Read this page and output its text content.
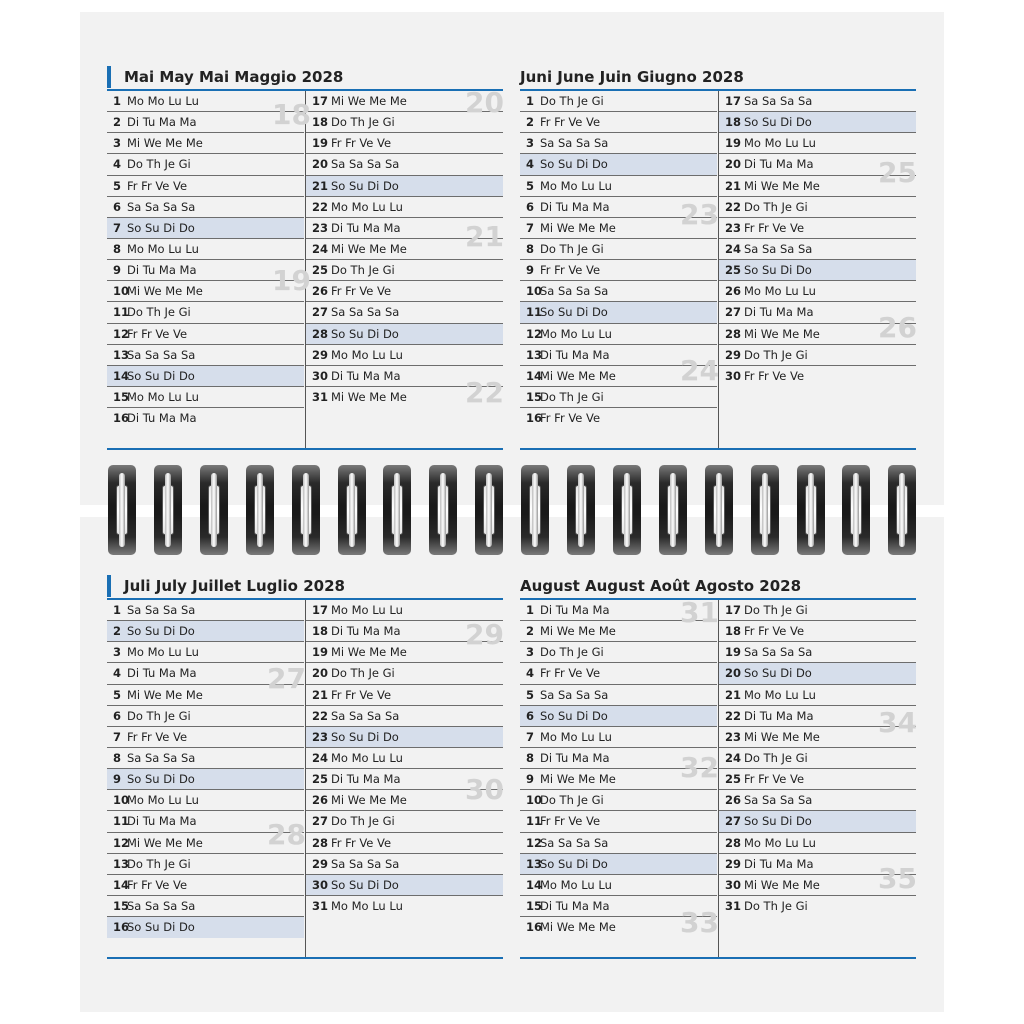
Mai May Mai Maggio 2028
1 Mo Mo Lu Lu
2 Di Tu Ma Ma
3 Mi We Me Me
4 Do Th Je Gi
5 Fr Fr Ve Ve
6 Sa Sa Sa Sa
7 So Su Di Do
8 Mo Mo Lu Lu
9 Di Tu Ma Ma
10
Mi We Me Me
11
Do Th Je Gi
12
Fr Fr Ve Ve
13
Sa Sa Sa Sa
14
So Su Di Do
15
Mo Mo Lu Lu
16
Di Tu Ma Ma
17 Mi We Me Me
18 Do Th Je Gi
19 Fr Fr Ve Ve
20 Sa Sa Sa Sa
21 So Su Di Do
22 Mo Mo Lu Lu
23 Di Tu Ma Ma
24 Mi We Me Me
25 Do Th Je Gi
26 Fr Fr Ve Ve
27 Sa Sa Sa Sa
28 So Su Di Do
29 Mo Mo Lu Lu
30 Di Tu Ma Ma
31 Mi We Me Me
Juni June Juin Giugno 2028
1 Do Th Je Gi
2 Fr Fr Ve Ve
3 Sa Sa Sa Sa
4 So Su Di Do
5 Mo Mo Lu Lu
6 Di Tu Ma Ma
7 Mi We Me Me
8 Do Th Je Gi
9 Fr Fr Ve Ve
10
Sa Sa Sa Sa
11
So Su Di Do
12
Mo Mo Lu Lu
13
Di Tu Ma Ma
14
Mi We Me Me
15
Do Th Je Gi
16
Fr Fr Ve Ve
17 Sa Sa Sa Sa
18 So Su Di Do
19 Mo Mo Lu Lu
20 Di Tu Ma Ma
21 Mi We Me Me
22 Do Th Je Gi
23 Fr Fr Ve Ve
24 Sa Sa Sa Sa
25 So Su Di Do
26 Mo Mo Lu Lu
27 Di Tu Ma Ma
28 Mi We Me Me
29 Do Th Je Gi
30 Fr Fr Ve Ve
Juli July Juillet Luglio 2028
1 Sa Sa Sa Sa
2 So Su Di Do
3 Mo Mo Lu Lu
4 Di Tu Ma Ma
5 Mi We Me Me
6 Do Th Je Gi
7 Fr Fr Ve Ve
8 Sa Sa Sa Sa
9 So Su Di Do
10
Mo Mo Lu Lu
11
Di Tu Ma Ma
12
Mi We Me Me
13
Do Th Je Gi
14
Fr Fr Ve Ve
15
Sa Sa Sa Sa
16
So Su Di Do
17 Mo Mo Lu Lu
18 Di Tu Ma Ma
19 Mi We Me Me
20 Do Th Je Gi
21 Fr Fr Ve Ve
22 Sa Sa Sa Sa
23 So Su Di Do
24 Mo Mo Lu Lu
25 Di Tu Ma Ma
26 Mi We Me Me
27 Do Th Je Gi
28 Fr Fr Ve Ve
29 Sa Sa Sa Sa
30 So Su Di Do
31 Mo Mo Lu Lu
August August Août Agosto 2028
1 Di Tu Ma Ma
2 Mi We Me Me
3 Do Th Je Gi
4 Fr Fr Ve Ve
5 Sa Sa Sa Sa
6 So Su Di Do
7 Mo Mo Lu Lu
8 Di Tu Ma Ma
9 Mi We Me Me
10
Do Th Je Gi
11
Fr Fr Ve Ve
12
Sa Sa Sa Sa
13
So Su Di Do
14
Mo Mo Lu Lu
15
Di Tu Ma Ma
16
Mi We Me Me
17 Do Th Je Gi
18 Fr Fr Ve Ve
19 Sa Sa Sa Sa
20 So Su Di Do
21 Mo Mo Lu Lu
22 Di Tu Ma Ma
23 Mi We Me Me
24 Do Th Je Gi
25 Fr Fr Ve Ve
26 Sa Sa Sa Sa
27 So Su Di Do
28 Mo Mo Lu Lu
29 Di Tu Ma Ma
30 Mi We Me Me
31 Do Th Je Gi
18
19
20
21
22
23
24
25
26
27
28
29
30
31
32
33
34
35
